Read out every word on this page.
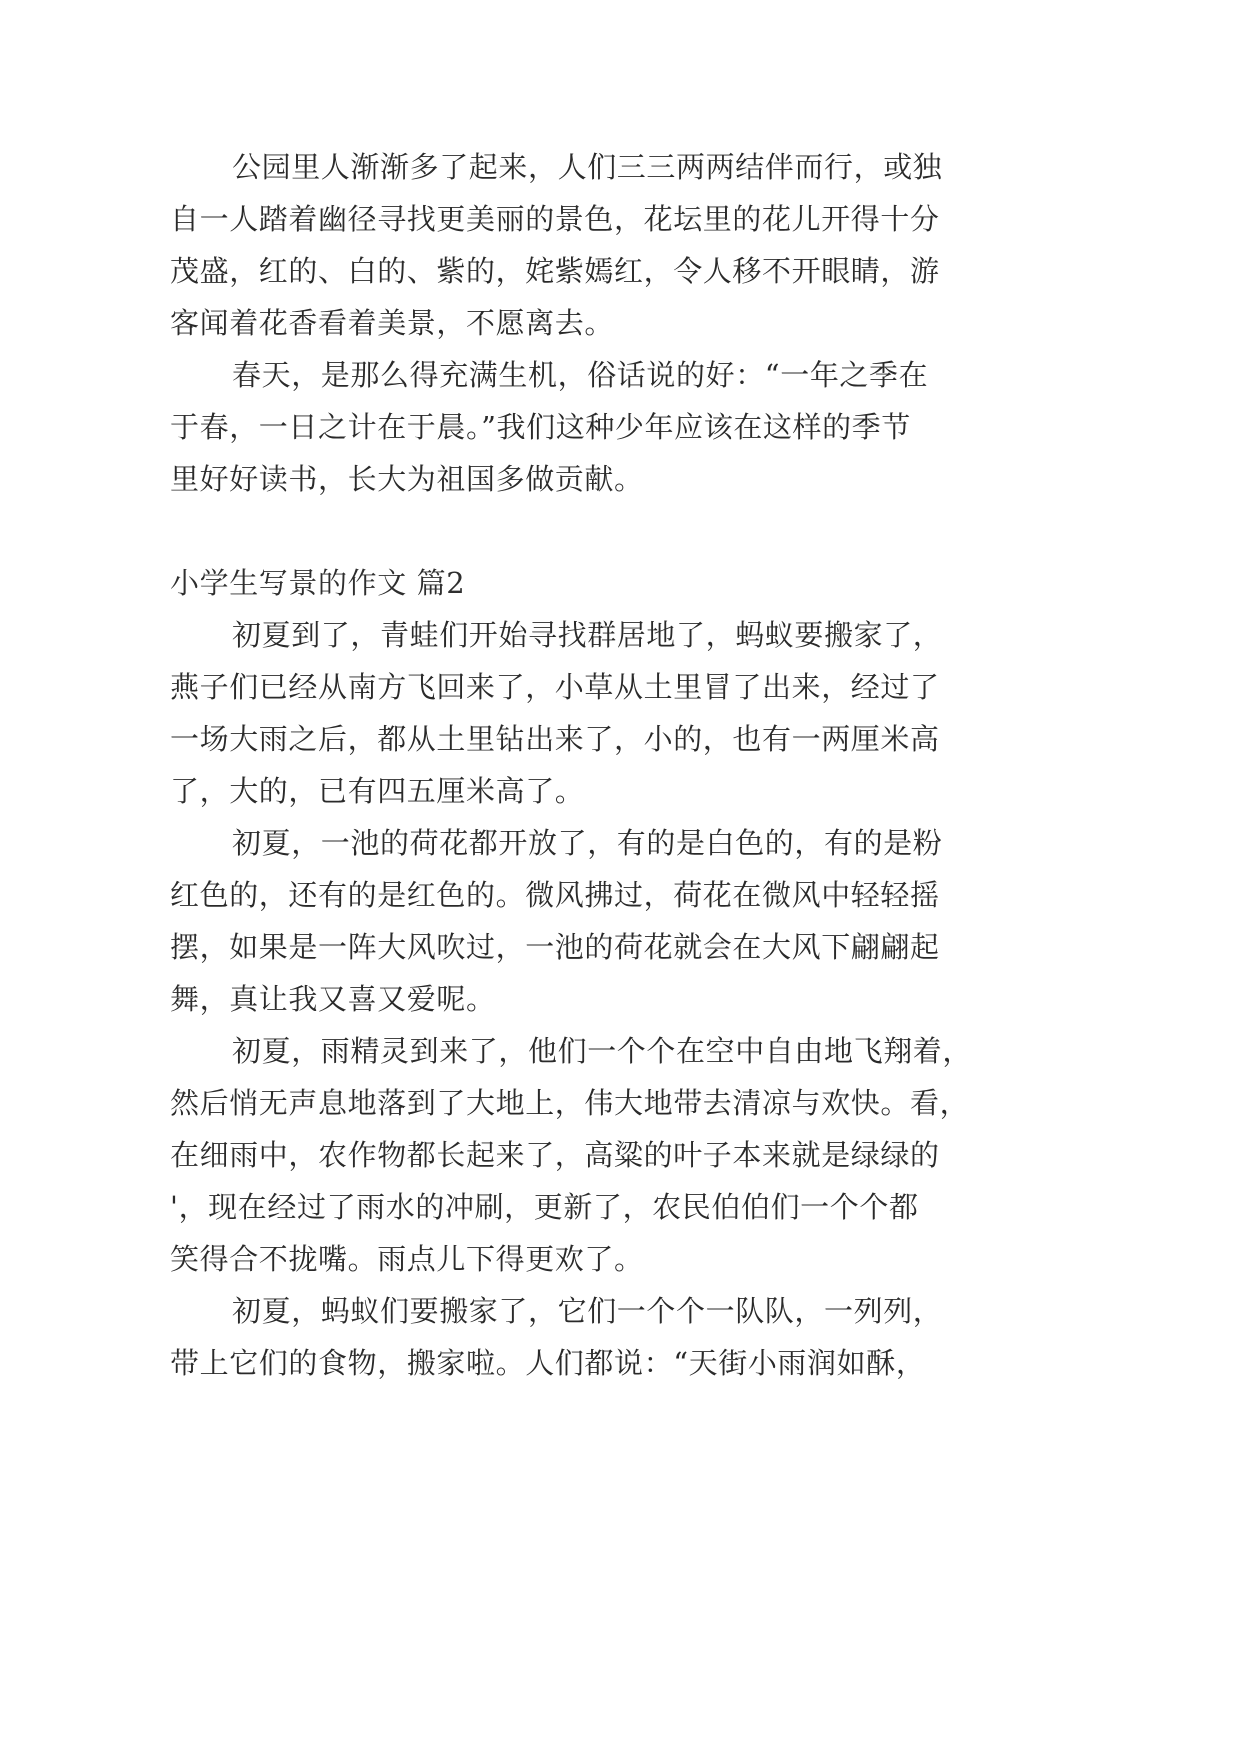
公园里人渐渐多了起来，人们三三两两结伴而行，或独
自一人踏着幽径寻找更美丽的景色，花坛里的花儿开得十分
茂盛，红的、白的、紫的，姹紫嫣红，令人移不开眼睛，游
客闻着花香看着美景，不愿离去。
春天，是那么得充满生机，俗话说的好：“一年之季在
于春，一日之计在于晨。”我们这种少年应该在这样的季节
里好好读书，长大为祖国多做贡献。
小学生写景的作文 篇2
初夏到了，青蛙们开始寻找群居地了，蚂蚁要搬家了，
燕子们已经从南方飞回来了，小草从土里冒了出来，经过了
一场大雨之后，都从土里钻出来了，小的，也有一两厘米高
了，大的，已有四五厘米高了。
初夏，一池的荷花都开放了，有的是白色的，有的是粉
红色的，还有的是红色的。微风拂过，荷花在微风中轻轻摇
摆，如果是一阵大风吹过，一池的荷花就会在大风下翩翩起
舞，真让我又喜又爱呢。
初夏，雨精灵到来了，他们一个个在空中自由地飞翔着，
然后悄无声息地落到了大地上，伟大地带去清凉与欢快。看，
在细雨中，农作物都长起来了，高粱的叶子本来就是绿绿的
'，现在经过了雨水的冲刷，更新了，农民伯伯们一个个都
笑得合不拢嘴。雨点儿下得更欢了。
初夏，蚂蚁们要搬家了，它们一个个一队队，一列列，
带上它们的食物，搬家啦。人们都说：“天街小雨润如酥，
